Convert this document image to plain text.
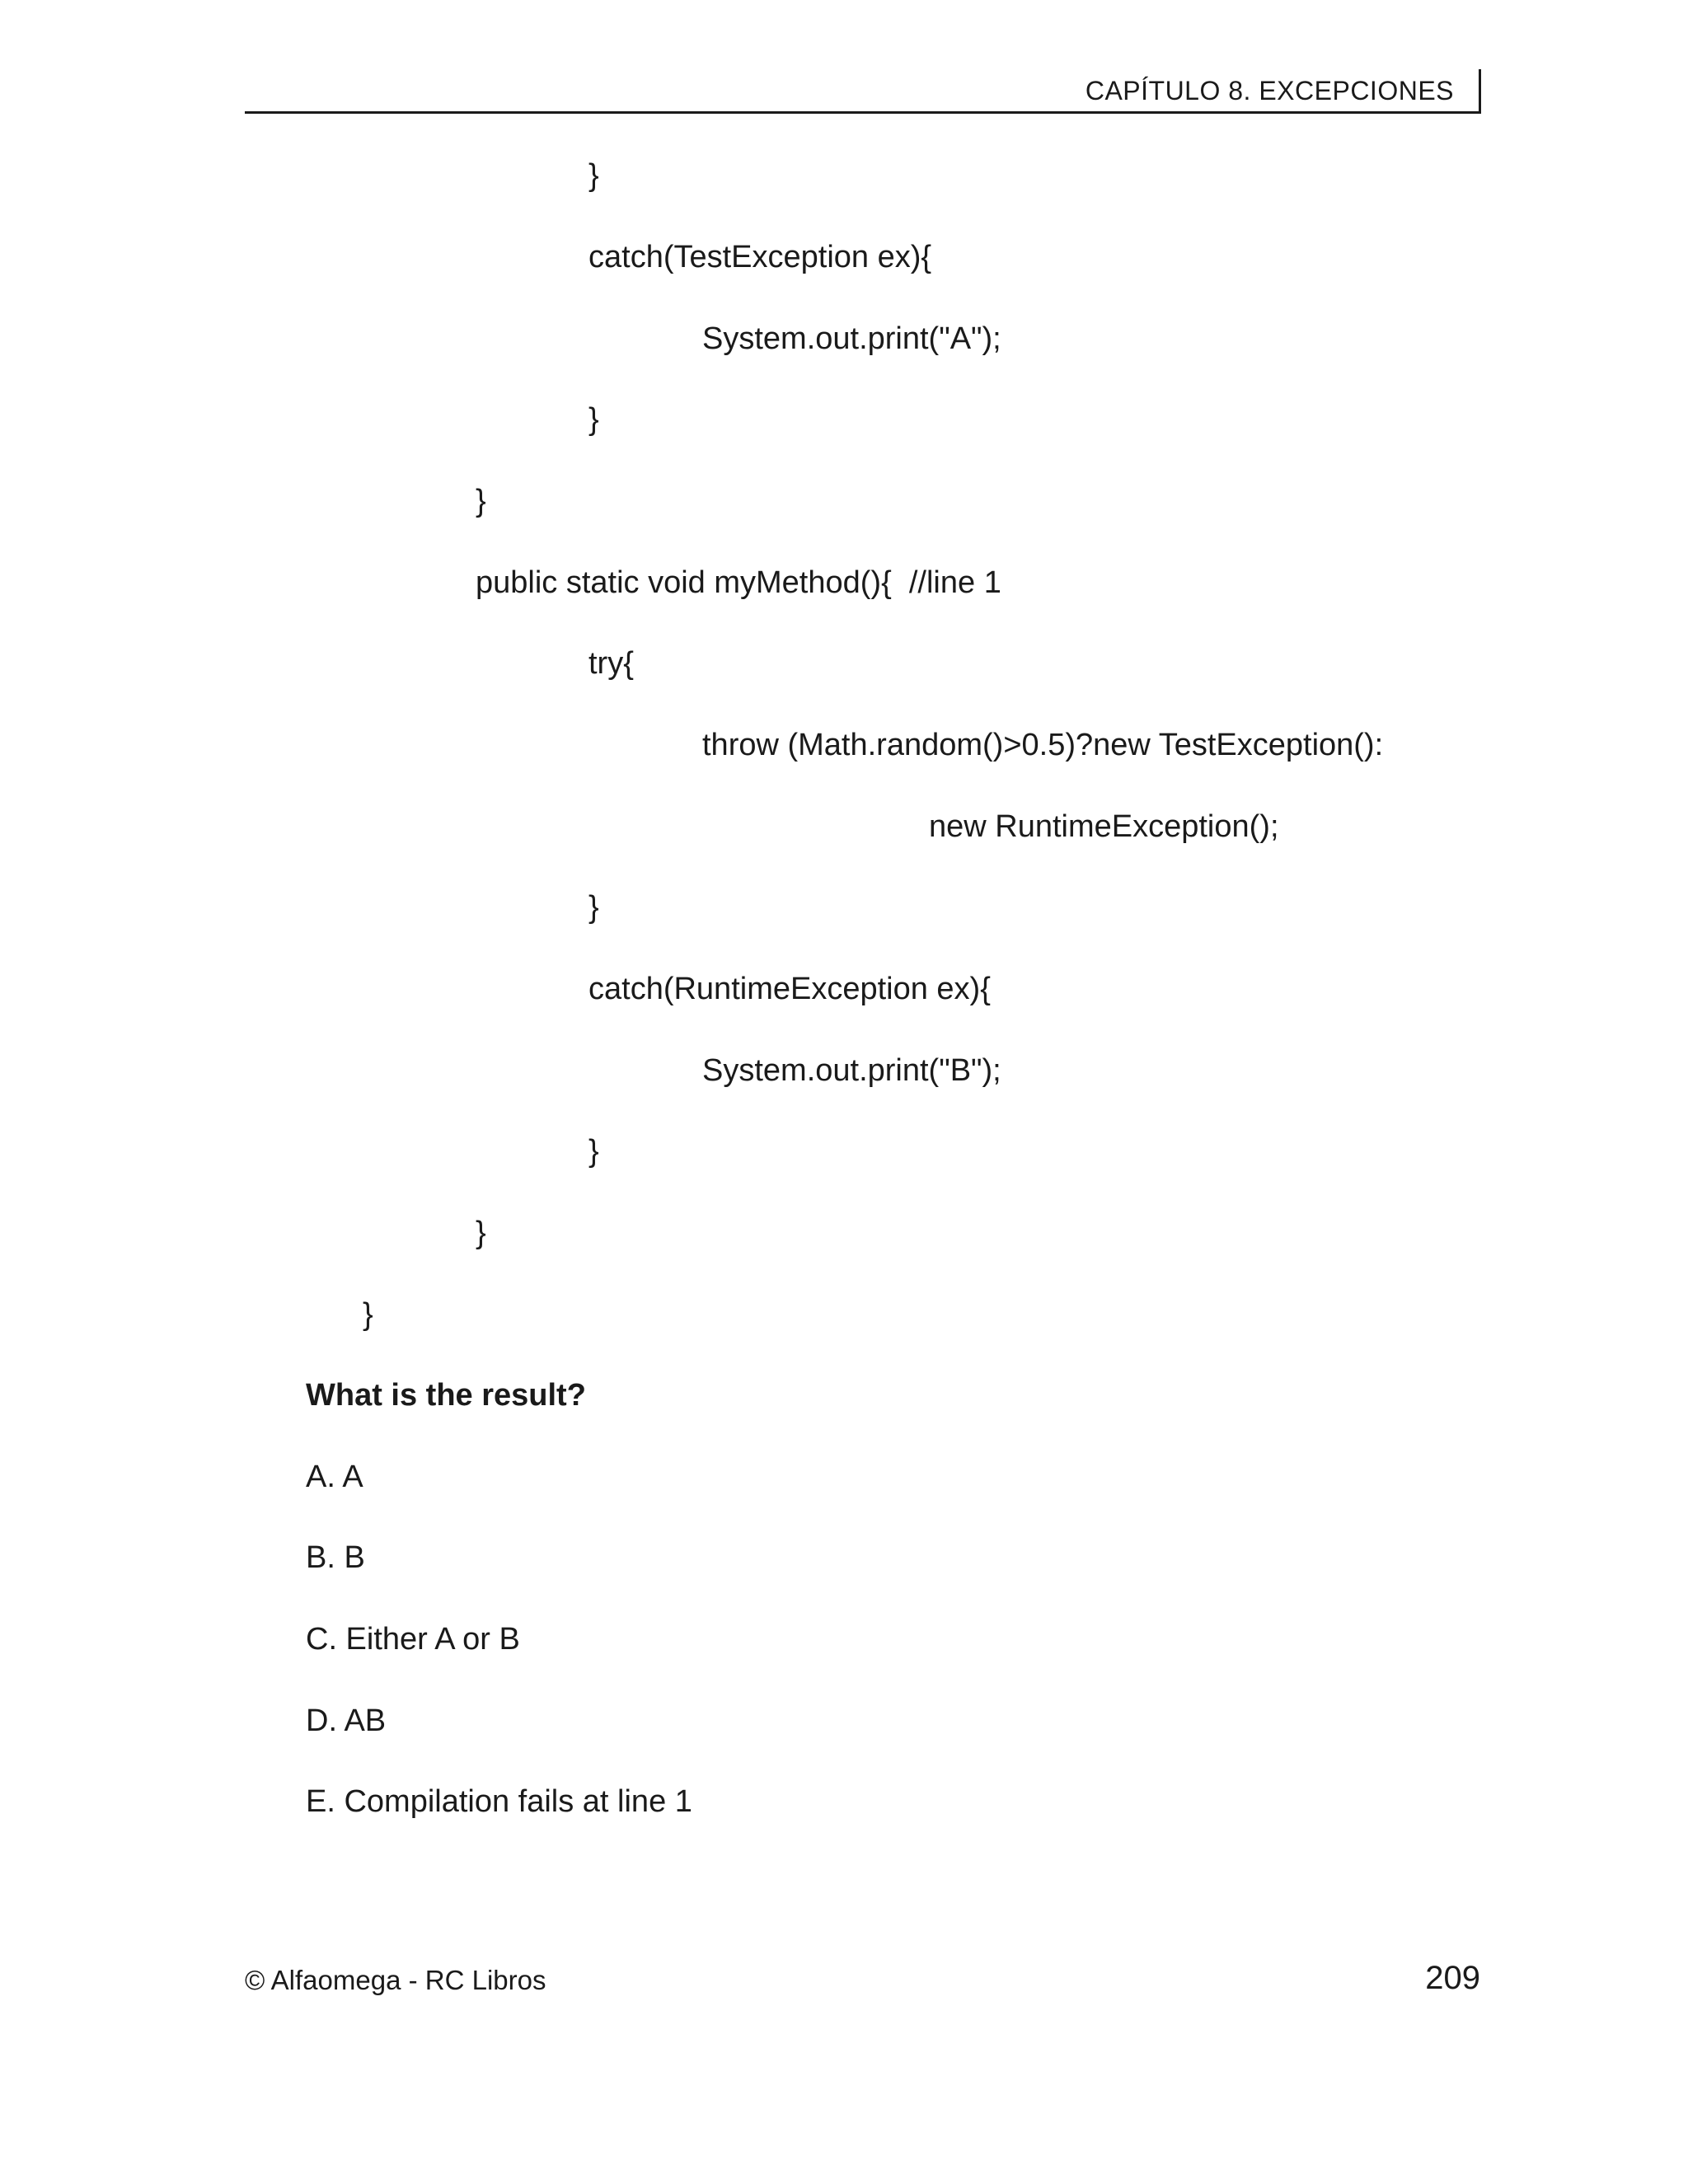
CAPÍTULO 8. EXCEPCIONES
}
catch(TestException ex){
System.out.print("A");
}
}
public static void myMethod(){  //line 1
try{
throw (Math.random()>0.5)?new TestException():
new RuntimeException();
}
catch(RuntimeException ex){
System.out.print("B");
}
}
}
What is the result?
A. A
B. B
C. Either A or B
D. AB
E. Compilation fails at line 1
© Alfaomega - RC Libros	209
